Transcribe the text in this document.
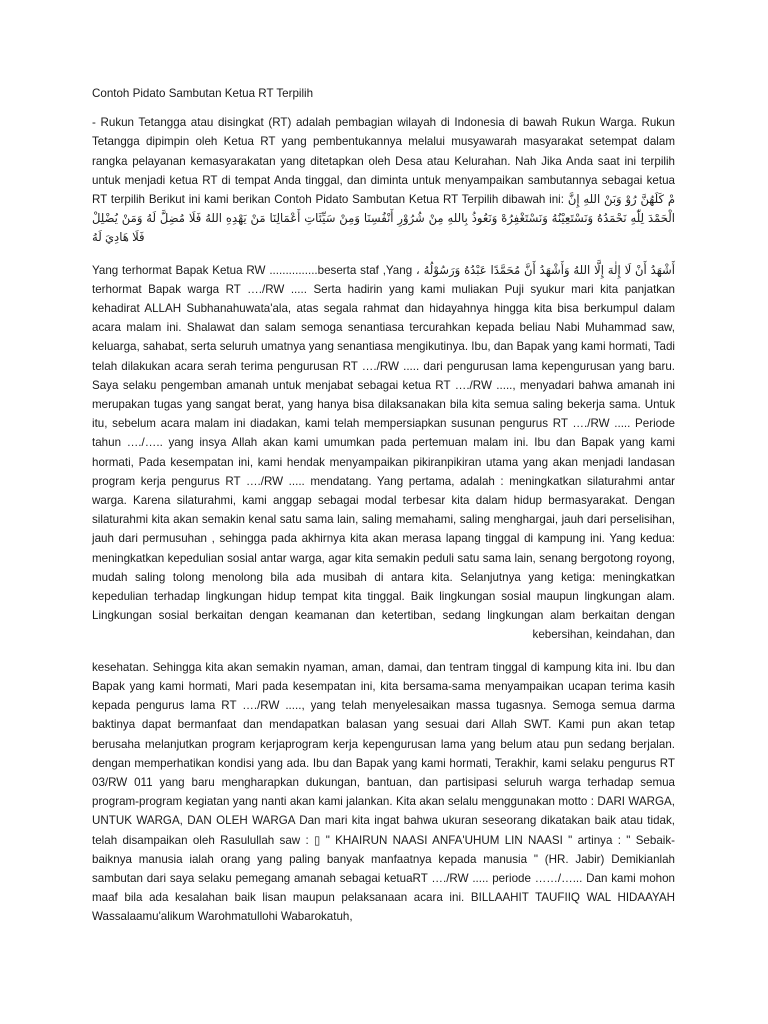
Contoh Pidato Sambutan Ketua RT Terpilih

- Rukun Tetangga atau disingkat (RT) adalah pembagian wilayah di Indonesia di bawah Rukun Warga. Rukun Tetangga dipimpin oleh Ketua RT yang pembentukannya melalui musyawarah masyarakat setempat dalam rangka pelayanan kemasyarakatan yang ditetapkan oleh Desa atau Kelurahan. Nah Jika Anda saat ini terpilih untuk menjadi ketua RT di tempat Anda tinggal, dan diminta untuk menyampaikan sambutannya sebagai ketua RT terpilih Berikut ini kami berikan Contoh Pidato Sambutan Ketua RT Terpilih dibawah ini: مْ كَلَهُنَّ رُوْ وَبَنْ اللهِ إِنَّ الْحَمْدَ لِلّٰهِ نَحْمَدُهُ وَنَسْتَعِيْنُهُ وَنَسْتَغْفِرُهْ وَنَعُوذُ بِاللهِ مِنْ شُرُوْرِ أَنْفُسِنَا وَمِنْ سَيِّئَاتِ أَعْمَالِنَا مَنْ يَهْدِهِ اللهُ فَلَا مُضِلَّ لَهُ وَمَنْ يُضْلِلْ فَلَا هَادِيَ لَهُ

أَشْهَدُ أَنْ لَا إِلٰهَ إِلَّا اللهُ وَأَشْهَدُ أَنَّ مُحَمَّدًا عَبْدُهُ وَرَسُوْلُهُ ، Yang terhormat Bapak Ketua RW ...............beserta staf ,Yang terhormat Bapak warga RT …./RW ..... Serta hadirin yang kami muliakan Puji syukur mari kita panjatkan kehadirat ALLAH Subhanahuwata'ala, atas segala rahmat dan hidayahnya hingga kita bisa berkumpul dalam acara malam ini. Shalawat dan salam semoga senantiasa tercurahkan kepada beliau Nabi Muhammad saw, keluarga, sahabat, serta seluruh umatnya yang senantiasa mengikutinya. Ibu, dan Bapak yang kami hormati, Tadi telah dilakukan acara serah terima pengurusan RT …./RW ..... dari pengurusan lama kepengurusan yang baru. Saya selaku pengemban amanah untuk menjabat sebagai ketua RT …./RW ....., menyadari bahwa amanah ini merupakan tugas yang sangat berat, yang hanya bisa dilaksanakan bila kita semua saling bekerja sama. Untuk itu, sebelum acara malam ini diadakan, kami telah mempersiapkan susunan pengurus RT …./RW ..... Periode tahun …./….. yang insya Allah akan kami umumkan pada pertemuan malam ini. Ibu dan Bapak yang kami hormati, Pada kesempatan ini, kami hendak menyampaikan pikiranpikiran utama yang akan menjadi landasan program kerja pengurus RT …./RW ..... mendatang. Yang pertama, adalah : meningkatkan silaturahmi antar warga. Karena silaturahmi, kami anggap sebagai modal terbesar kita dalam hidup bermasyarakat. Dengan silaturahmi kita akan semakin kenal satu sama lain, saling memahami, saling menghargai, jauh dari perselisihan, jauh dari permusuhan , sehingga pada akhirnya kita akan merasa lapang tinggal di kampung ini. Yang kedua: meningkatkan kepedulian sosial antar warga, agar kita semakin peduli satu sama lain, senang bergotong royong, mudah saling tolong menolong bila ada musibah di antara kita. Selanjutnya yang ketiga: meningkatkan kepedulian terhadap lingkungan hidup tempat kita tinggal. Baik lingkungan sosial maupun lingkungan alam. Lingkungan sosial berkaitan dengan keamanan dan ketertiban, sedang lingkungan alam berkaitan dengan kebersihan, keindahan, dan

kesehatan. Sehingga kita akan semakin nyaman, aman, damai, dan tentram tinggal di kampung kita ini. Ibu dan Bapak yang kami hormati, Mari pada kesempatan ini, kita bersama-sama menyampaikan ucapan terima kasih kepada pengurus lama RT …./RW ....., yang telah menyelesaikan massa tugasnya. Semoga semua darma baktinya dapat bermanfaat dan mendapatkan balasan yang sesuai dari Allah SWT. Kami pun akan tetap berusaha melanjutkan program kerjaprogram kerja kepengurusan lama yang belum atau pun sedang berjalan. dengan memperhatikan kondisi yang ada. Ibu dan Bapak yang kami hormati, Terakhir, kami selaku pengurus RT 03/RW 011 yang baru mengharapkan dukungan, bantuan, dan partisipasi seluruh warga terhadap semua program-program kegiatan yang nanti akan kami jalankan. Kita akan selalu menggunakan motto : DARI WARGA, UNTUK WARGA, DAN OLEH WARGA Dan mari kita ingat bahwa ukuran seseorang dikatakan baik atau tidak, telah disampaikan oleh Rasulullah saw : ▯ " KHAIRUN NAASI ANFA'UHUM LIN NAASI " artinya : " Sebaik-baiknya manusia ialah orang yang paling banyak manfaatnya kepada manusia " (HR. Jabir) Demikianlah sambutan dari saya selaku pemegang amanah sebagai ketuaRT …./RW ..... periode ……/…... Dan kami mohon maaf bila ada kesalahan baik lisan maupun pelaksanaan acara ini. BILLAAHIT TAUFIIQ WAL HIDAAYAH Wassalaamu'alikum Warohmatullohi Wabarokatuh,
